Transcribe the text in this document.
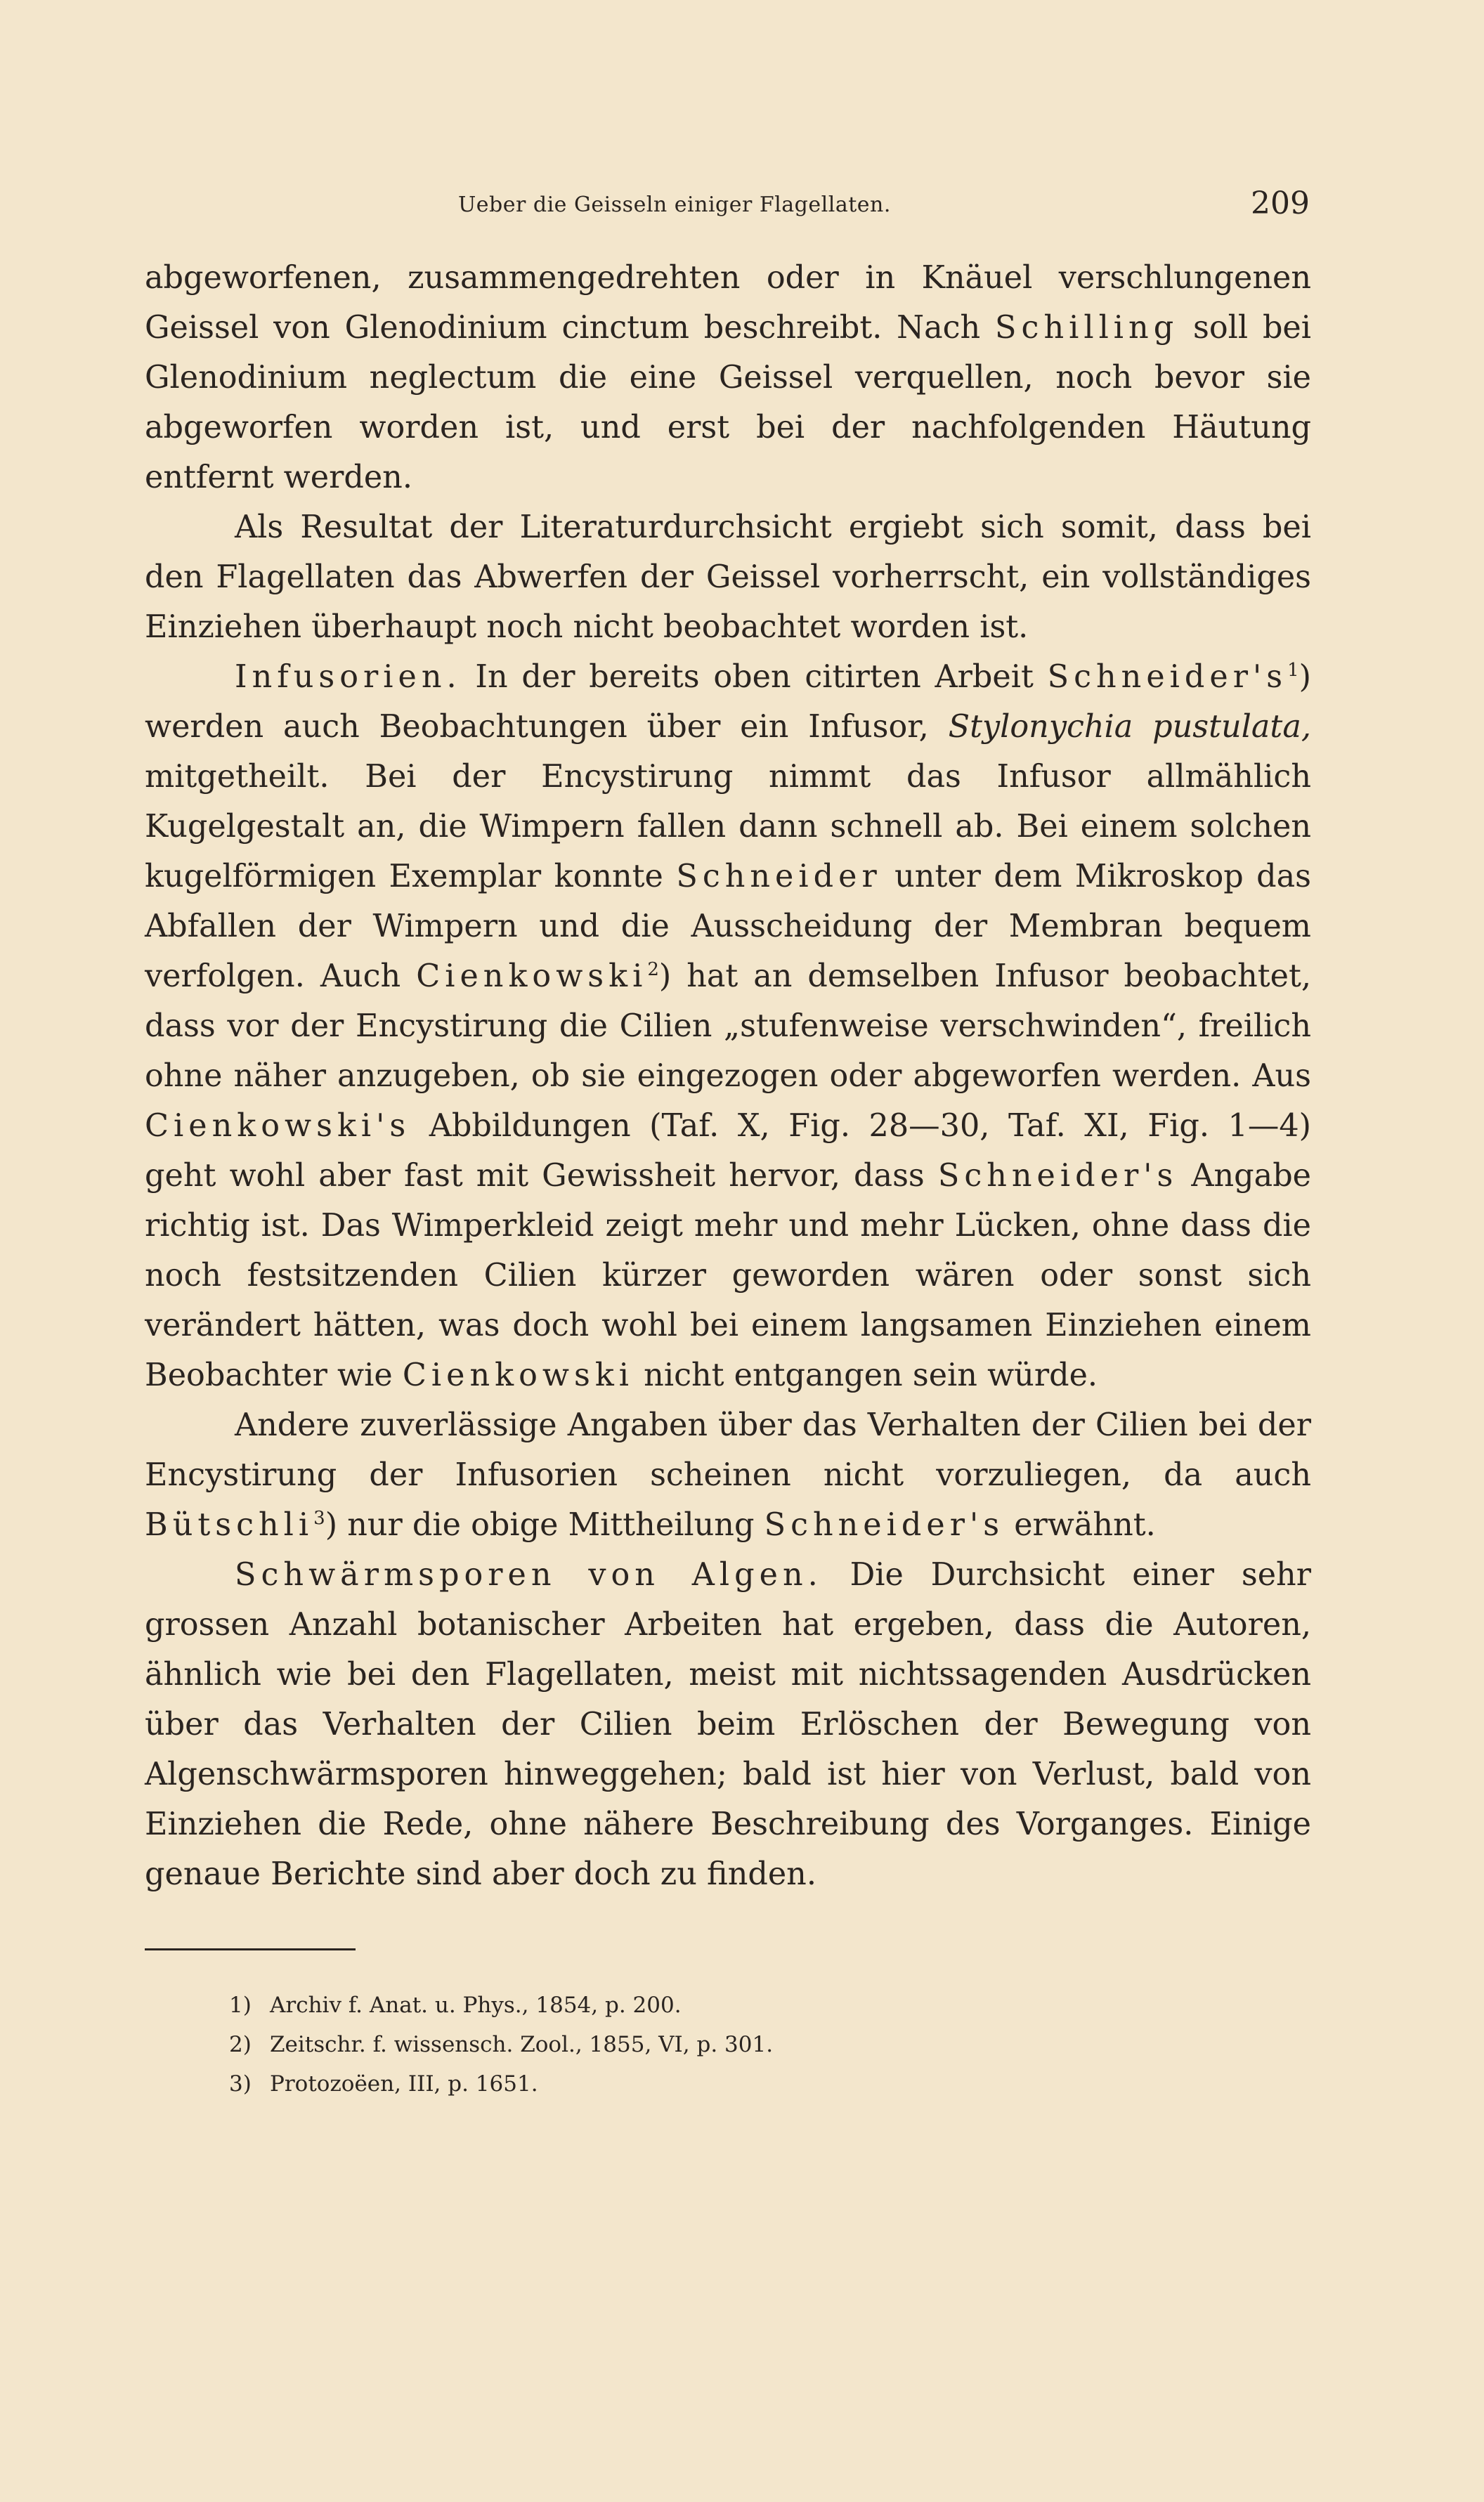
Ueber die Geisseln einiger Flagellaten.	209

abgeworfenen, zusammengedrehten oder in Knäuel verschlungenen Geissel von Glenodinium cinctum beschreibt. Nach Schilling soll bei Glenodinium neglectum die eine Geissel verquellen, noch bevor sie abgeworfen worden ist, und erst bei der nachfolgenden Häutung entfernt werden.

Als Resultat der Literaturdurchsicht ergiebt sich somit, dass bei den Flagellaten das Abwerfen der Geissel vorherrscht, ein vollständiges Einziehen überhaupt noch nicht beobachtet worden ist.

Infusorien. In der bereits oben citirten Arbeit $Schneider's^1$) werden auch Beobachtungen über ein Infusor, Stylonychia pustulata, mitgetheilt. Bei der Encystirung nimmt das Infusor allmählich Kugelgestalt an, die Wimpern fallen dann schnell ab. Bei einem solchen kugelförmigen Exemplar konnte Schneider unter dem Mikroskop das Abfallen der Wimpern und die Ausscheidung der Membran bequem verfolgen. Auch Cienkowski$^2$) hat an demselben Infusor beobachtet, dass vor der Encystirung die Cilien „stufenweise verschwinden“, freilich ohne näher anzugeben, ob sie eingezogen oder abgeworfen werden. Aus Cienkowski's Abbildungen (Taf. X, Fig. 28—30, Taf. XI, Fig. 1—4) geht wohl aber fast mit Gewissheit hervor, dass Schneider's Angabe richtig ist. Das Wimperkleid zeigt mehr und mehr Lücken, ohne dass die noch festsitzenden Cilien kürzer geworden wären oder sonst sich verändert hätten, was doch wohl bei einem langsamen Einziehen einem Beobachter wie Cienkowski nicht entgangen sein würde.

Andere zuverlässige Angaben über das Verhalten der Cilien bei der Encystirung der Infusorien scheinen nicht vorzuliegen, da auch Bütschli$^3$) nur die obige Mittheilung Schneider's erwähnt.

Schwärmsporen von Algen. Die Durchsicht einer sehr grossen Anzahl botanischer Arbeiten hat ergeben, dass die Autoren, ähnlich wie bei den Flagellaten, meist mit nichtssagenden Ausdrücken über das Verhalten der Cilien beim Erlöschen der Bewegung von Algenschwärmsporen hinweggehen; bald ist hier von Verlust, bald von Einziehen die Rede, ohne nähere Beschreibung des Vorganges. Einige genaue Berichte sind aber doch zu finden.

1) Archiv f. Anat. u. Phys., 1854, p. 200.
2) Zeitschr. f. wissensch. Zool., 1855, VI, p. 301.
3) Protozoëen, III, p. 1651.
